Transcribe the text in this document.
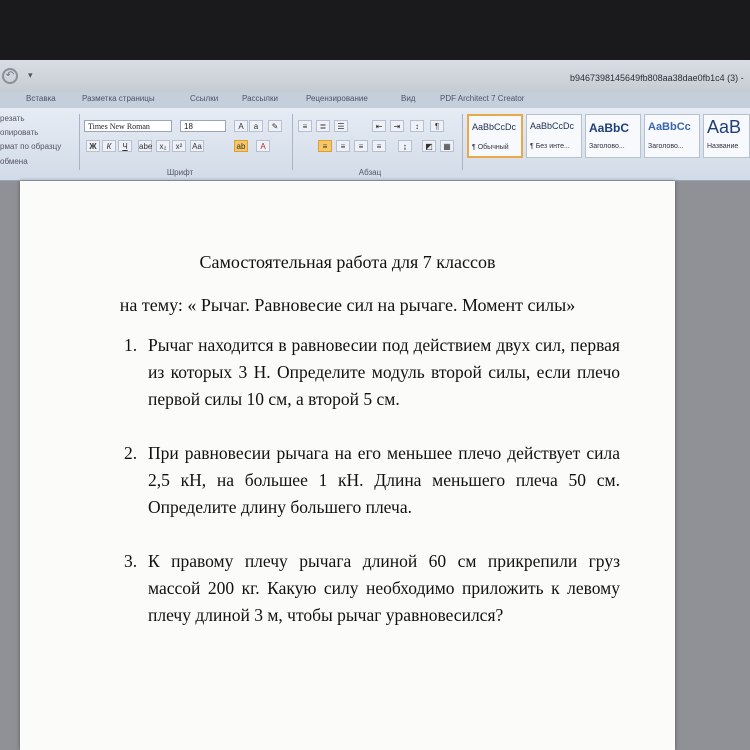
↶	▾	b9467398145649fb808aa38dae0fb1c4 (3) -
Вставка	Разметка страницы	Ссылки	Рассылки	Рецензирование	Вид	PDF Architect 7 Creator
резать
опировать
рмат по образцу
обмена
Times New Roman	18	A	a	✎
Ж	К	Ч	abe x₂	x²	Aa	ab	A
Шрифт
≡	≣	☰	⇤	⇥	↕	¶
≡	≡	≡	≡	↨	◩	▦
Абзац
AaBbCcDc
¶ Обычный
AaBbCcDc
¶ Без инте...
AaBbC
Заголово...
AaBbCc
Заголово...
AaB
Название
Самостоятельная работа для 7 классов
на тему: « Рычаг. Равновесие сил на рычаге. Момент силы»
1. Рычаг находится в равновесии под действием двух сил, первая из которых 3 Н. Определите модуль второй силы, если плечо первой силы 10 см, а второй 5 см.
2. При равновесии рычага на его меньшее плечо действует сила 2,5 кН, на большее 1 кН. Длина меньшего плеча 50 см. Определите длину большего плеча.
3. К правому плечу рычага длиной 60 см прикрепили груз массой 200 кг. Какую силу необходимо приложить к левому плечу длиной 3 м, чтобы рычаг уравновесился?
